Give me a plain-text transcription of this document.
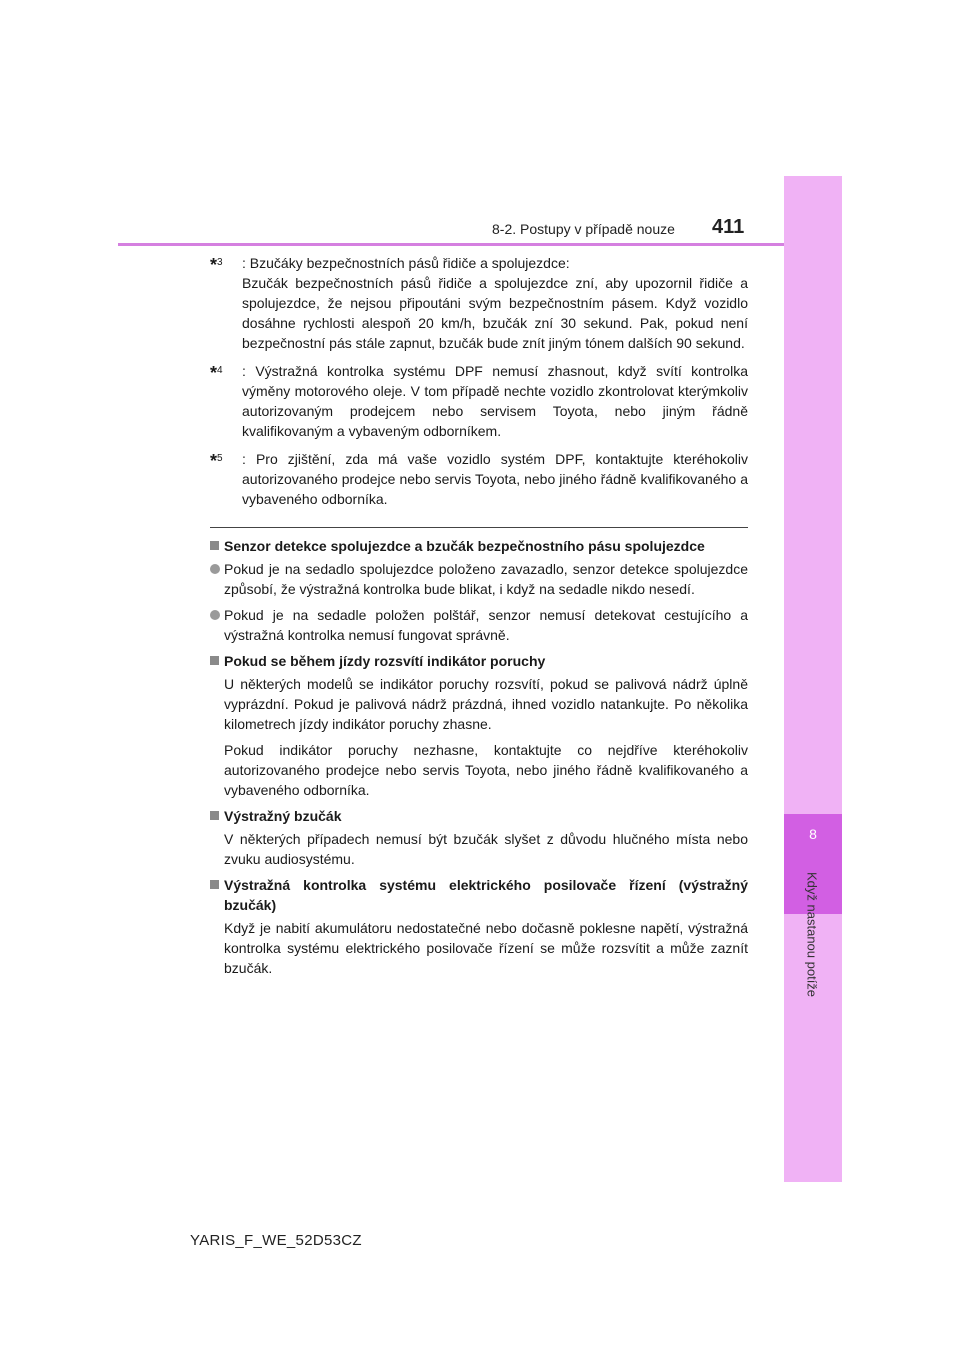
8
Když nastanou potíže
8-2. Postupy v případě nouze 411
*$^3$ : Bzučáky bezpečnostních pásů řidiče a spolujezdce:
Bzučák bezpečnostních pásů řidiče a spolujezdce zní, aby upozornil řidiče a spolujezdce, že nejsou připoutáni svým bezpečnostním pásem. Když vozidlo dosáhne rychlosti alespoň 20 km/h, bzučák zní 30 sekund. Pak, pokud není bezpečnostní pás stále zapnut, bzučák bude znít jiným tónem dalších 90 sekund.
*$^4$ : Výstražná kontrolka systému DPF nemusí zhasnout, když svítí kontrolka výměny motorového oleje. V tom případě nechte vozidlo zkontrolovat kterýmkoliv autorizovaným prodejcem nebo servisem Toyota, nebo jiným řádně kvalifikovaným a vybaveným odborníkem.
*$^5$ : Pro zjištění, zda má vaše vozidlo systém DPF, kontaktujte kteréhokoliv autorizovaného prodejce nebo servis Toyota, nebo jiného řádně kvalifikovaného a vybaveného odborníka.
Senzor detekce spolujezdce a bzučák bezpečnostního pásu spolujezdce
Pokud je na sedadlo spolujezdce položeno zavazadlo, senzor detekce spolujezdce způsobí, že výstražná kontrolka bude blikat, i když na sedadle nikdo nesedí.
Pokud je na sedadle položen polštář, senzor nemusí detekovat cestujícího a výstražná kontrolka nemusí fungovat správně.
Pokud se během jízdy rozsvítí indikátor poruchy
U některých modelů se indikátor poruchy rozsvítí, pokud se palivová nádrž úplně vyprázdní. Pokud je palivová nádrž prázdná, ihned vozidlo natankujte. Po několika kilometrech jízdy indikátor poruchy zhasne.
Pokud indikátor poruchy nezhasne, kontaktujte co nejdříve kteréhokoliv autorizovaného prodejce nebo servis Toyota, nebo jiného řádně kvalifikovaného a vybaveného odborníka.
Výstražný bzučák
V některých případech nemusí být bzučák slyšet z důvodu hlučného místa nebo zvuku audiosystému.
Výstražná kontrolka systému elektrického posilovače řízení (výstražný bzučák)
Když je nabití akumulátoru nedostatečné nebo dočasně poklesne napětí, výstražná kontrolka systému elektrického posilovače řízení se může rozsvítit a může zaznít bzučák.
YARIS_F_WE_52D53CZ
